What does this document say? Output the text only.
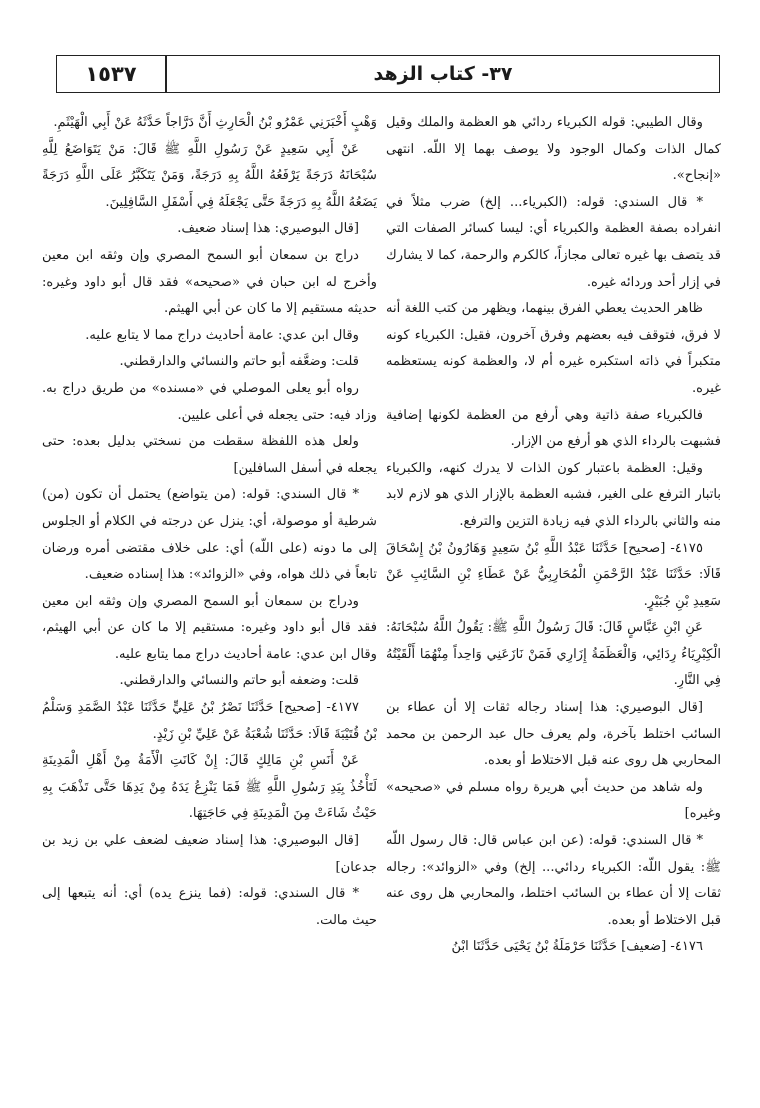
١٥٣٧	٣٧- كتاب الزهد

وقال الطيبي: قوله الكبرياء ردائي هو العظمة والملك وقيل كمال الذات وكمال الوجود ولا يوصف بهما إلا اللّه. انتهى «إنجاح».

* قال السندي: قوله: (الكبرياء... إلخ) ضرب مثلاً في انفراده بصفة العظمة والكبرياء أي: ليسا كسائر الصفات التي قد يتصف بها غيره تعالى مجازاً، كالكرم والرحمة، كما لا يشارك في إزار أحد وردائه غيره.

ظاهر الحديث يعطي الفرق بينهما، ويظهر من كتب اللغة أنه لا فرق، فتوقف فيه بعضهم وفرق آخرون، فقيل: الكبرياء كونه متكبراً في ذاته استكبره غيره أم لا، والعظمة كونه يستعظمه غيره.

فالكبرياء صفة ذاتية وهي أرفع من العظمة لكونها إضافية فشبهت بالرداء الذي هو أرفع من الإزار.

وقيل: العظمة باعتبار كون الذات لا يدرك كنهه، والكبرياء باتبار الترفع على الغير، فشبه العظمة بالإزار الذي هو لازم لابد منه والثاني بالرداء الذي فيه زيادة التزين والترفع.

٤١٧٥- [صحيح] حَدَّثَنَا عَبْدُ اللَّهِ بْنُ سَعِيدٍ وَهَارُونُ بْنُ إِسْحَاقَ قَالَا: حَدَّثَنَا عَبْدُ الرَّحْمَنِ الْمُحَارِبِيُّ عَنْ عَطَاءِ بْنِ السَّائِبِ عَنْ سَعِيدِ بْنِ جُبَيْرٍ.

عَنِ ابْنِ عَبَّاسٍ قَالَ: قَالَ رَسُولُ اللَّهِ ﷺ: يَقُولُ اللَّهُ سُبْحَانَهُ: الْكِبْرِيَاءُ رِدَائِي، وَالْعَظَمَةُ إِزَارِي فَمَنْ نَازَعَنِي وَاحِداً مِنْهُمَا أَلْقَيْتُهُ فِي النَّارِ.

[قال البوصيري: هذا إسناد رجاله ثقات إلا أن عطاء بن السائب اختلط بآخرة، ولم يعرف حال عبد الرحمن بن محمد المحاربي هل روى عنه قبل الاختلاط أو بعده.

وله شاهد من حديث أبي هريرة رواه مسلم في «صحيحه» وغيره]

* قال السندي: قوله: (عن ابن عباس قال: قال رسول اللّه ﷺ: يقول اللّه: الكبرياء ردائي... إلخ) وفي «الزوائد»: رجاله ثقات إلا أن عطاء بن السائب اختلط، والمحاربي هل روى عنه قبل الاختلاط أو بعده.

٤١٧٦- [ضعيف] حَدَّثَنَا حَرْمَلَةُ بْنُ يَحْيَى حَدَّثَنَا ابْنُ

وَهْبٍ أَخْبَرَنِي عَمْرُو بْنُ الْحَارِثِ أَنَّ دَرَّاجاً حَدَّثَهُ عَنْ أَبِي الْهَيْثَمِ.

عَنْ أَبِي سَعِيدٍ عَنْ رَسُولِ اللَّهِ ﷺ قَالَ: مَنْ يَتَوَاضَعُ لِلَّهِ سُبْحَانَهُ دَرَجَةً يَرْفَعُهُ اللَّهُ بِهِ دَرَجَةً، وَمَنْ يَتَكَبَّرُ عَلَى اللَّهِ دَرَجَةً يَضَعُهُ اللَّهُ بِهِ دَرَجَةً حَتَّى يَجْعَلَهُ فِي أَسْفَلِ السَّافِلِينَ.

[قال البوصيري: هذا إسناد ضعيف.

دراج بن سمعان أبو السمح المصري وإن وثقه ابن معين وأخرج له ابن حبان في «صحيحه» فقد قال أبو داود وغيره: حديثه مستقيم إلا ما كان عن أبي الهيثم.

وقال ابن عدي: عامة أحاديث دراج مما لا يتابع عليه.

قلت: وضعَّفه أبو حاتم والنسائي والدارقطني.

رواه أبو يعلى الموصلي في «مسنده» من طريق دراج به. وزاد فيه: حتى يجعله في أعلى عليين.

ولعل هذه اللفظة سقطت من نسختي بدليل بعده: حتى يجعله في أسفل السافلين]

* قال السندي: قوله: (من يتواضع) يحتمل أن تكون (من) شرطية أو موصولة، أي: ينزل عن درجته في الكلام أو الجلوس إلى ما دونه (على اللّه) أي: على خلاف مقتضى أمره ورضان تابعاً في ذلك هواه، وفي «الزوائد»: هذا إسناده ضعيف.

ودراج بن سمعان أبو السمح المصري وإن وثقه ابن معين فقد قال أبو داود وغيره: مستقيم إلا ما كان عن أبي الهيثم، وقال ابن عدي: عامة أحاديث دراج مما يتابع عليه.

قلت: وضعفه أبو حاتم والنسائي والدارقطني.

٤١٧٧- [صحيح] حَدَّثَنَا نَصْرُ بْنُ عَلِيٍّ حَدَّثَنَا عَبْدُ الصَّمَدِ وَسَلْمُ بْنُ قُتَيْبَةَ قَالَا: حَدَّثَنَا شُعْبَةُ عَنْ عَلِيِّ بْنِ زَيْدٍ.

عَنْ أَنَسِ بْنِ مَالِكٍ قَالَ: إِنْ كَانَتِ الْأَمَةُ مِنْ أَهْلِ الْمَدِينَةِ لَتَأْخُذُ بِيَدِ رَسُولِ اللَّهِ ﷺ فَمَا يَنْزِعُ يَدَهُ مِنْ يَدِهَا حَتَّى تَذْهَبَ بِهِ حَيْثُ شَاءَتْ مِنَ الْمَدِينَةِ فِي حَاجَتِهَا.

[قال البوصيري: هذا إسناد ضعيف لضعف علي بن زيد بن جدعان]

* قال السندي: قوله: (فما ينزع يده) أي: أنه يتبعها إلى حيث مالت.
